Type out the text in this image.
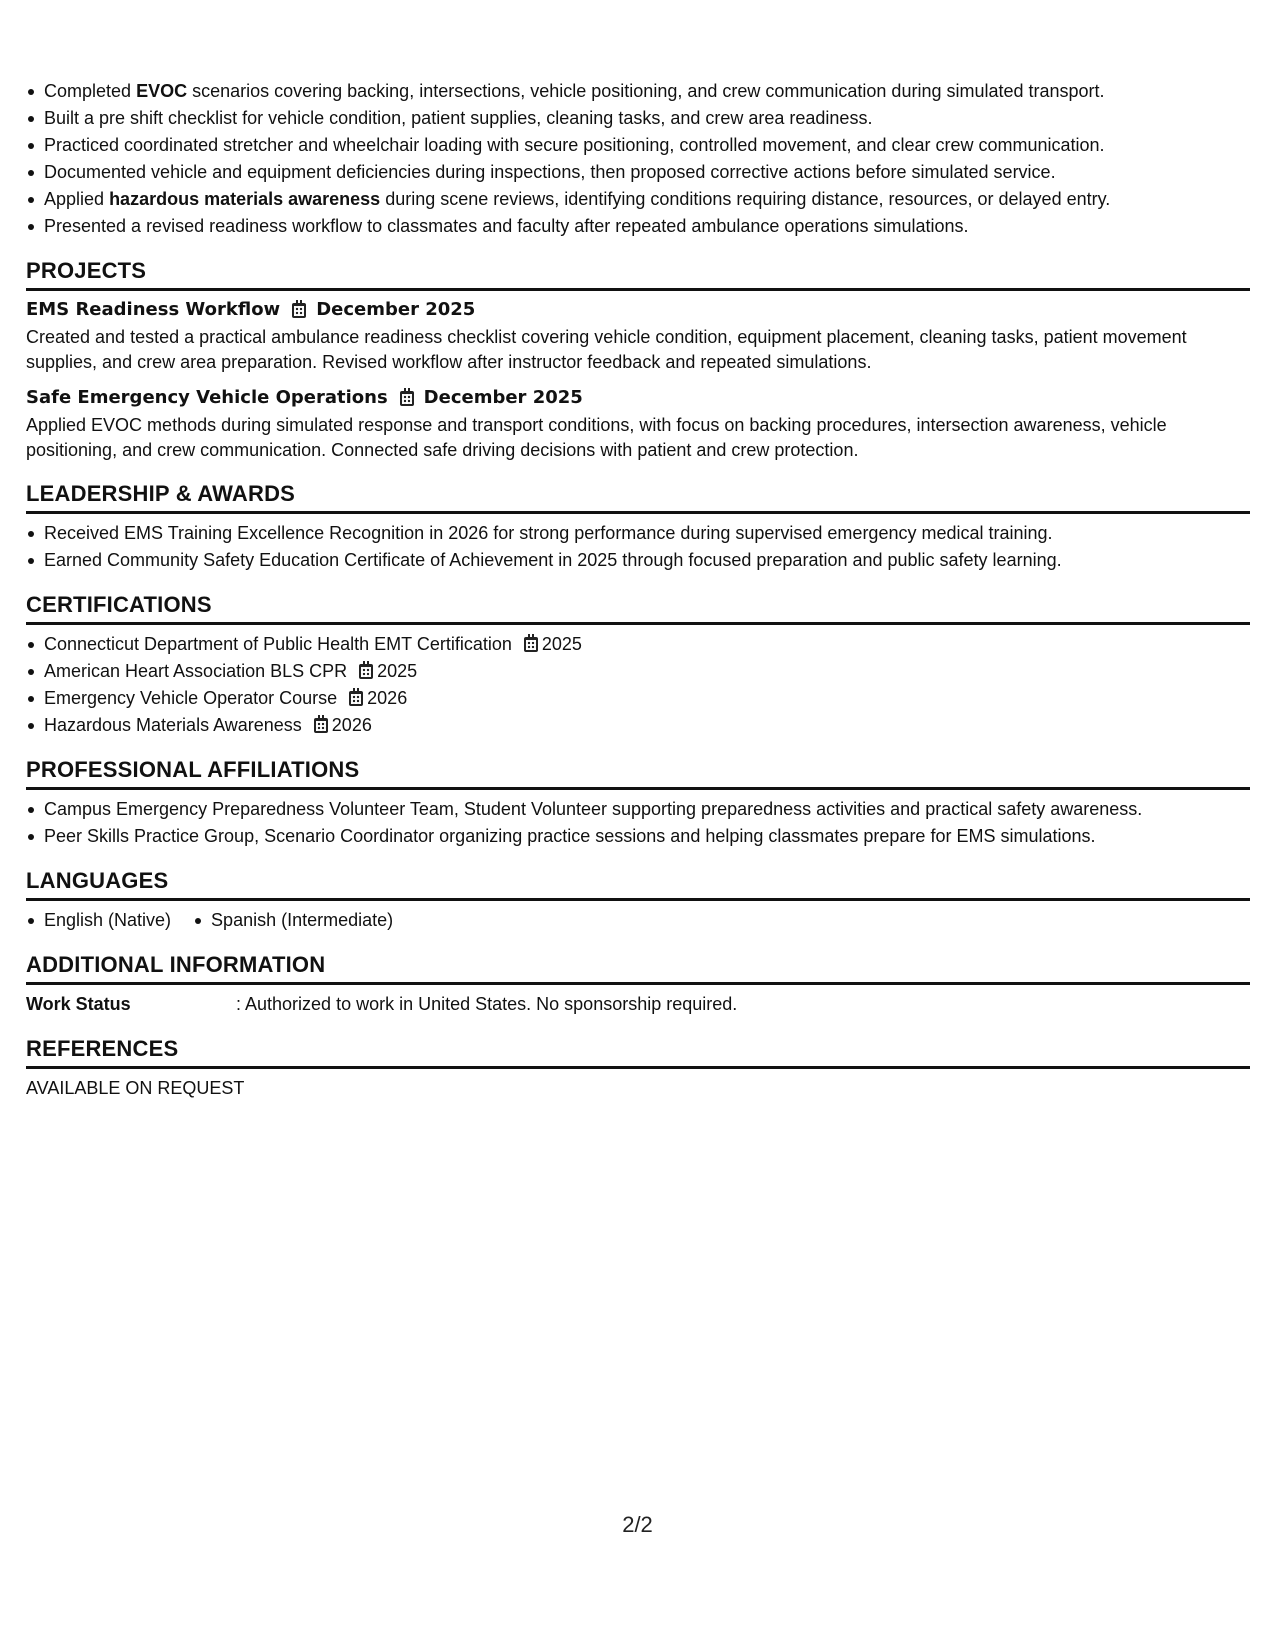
Completed EVOC scenarios covering backing, intersections, vehicle positioning, and crew communication during simulated transport.
Built a pre shift checklist for vehicle condition, patient supplies, cleaning tasks, and crew area readiness.
Practiced coordinated stretcher and wheelchair loading with secure positioning, controlled movement, and clear crew communication.
Documented vehicle and equipment deficiencies during inspections, then proposed corrective actions before simulated service.
Applied hazardous materials awareness during scene reviews, identifying conditions requiring distance, resources, or delayed entry.
Presented a revised readiness workflow to classmates and faculty after repeated ambulance operations simulations.
PROJECTS
EMS Readiness Workflow December 2025
Created and tested a practical ambulance readiness checklist covering vehicle condition, equipment placement, cleaning tasks, patient movement supplies, and crew area preparation. Revised workflow after instructor feedback and repeated simulations.
Safe Emergency Vehicle Operations December 2025
Applied EVOC methods during simulated response and transport conditions, with focus on backing procedures, intersection awareness, vehicle positioning, and crew communication. Connected safe driving decisions with patient and crew protection.
LEADERSHIP & AWARDS
Received EMS Training Excellence Recognition in 2026 for strong performance during supervised emergency medical training.
Earned Community Safety Education Certificate of Achievement in 2025 through focused preparation and public safety learning.
CERTIFICATIONS
Connecticut Department of Public Health EMT Certification 2025
American Heart Association BLS CPR 2025
Emergency Vehicle Operator Course 2026
Hazardous Materials Awareness 2026
PROFESSIONAL AFFILIATIONS
Campus Emergency Preparedness Volunteer Team, Student Volunteer supporting preparedness activities and practical safety awareness.
Peer Skills Practice Group, Scenario Coordinator organizing practice sessions and helping classmates prepare for EMS simulations.
LANGUAGES
English (Native) Spanish (Intermediate)
ADDITIONAL INFORMATION
Work Status	: Authorized to work in United States. No sponsorship required.
REFERENCES
AVAILABLE ON REQUEST
2/2
